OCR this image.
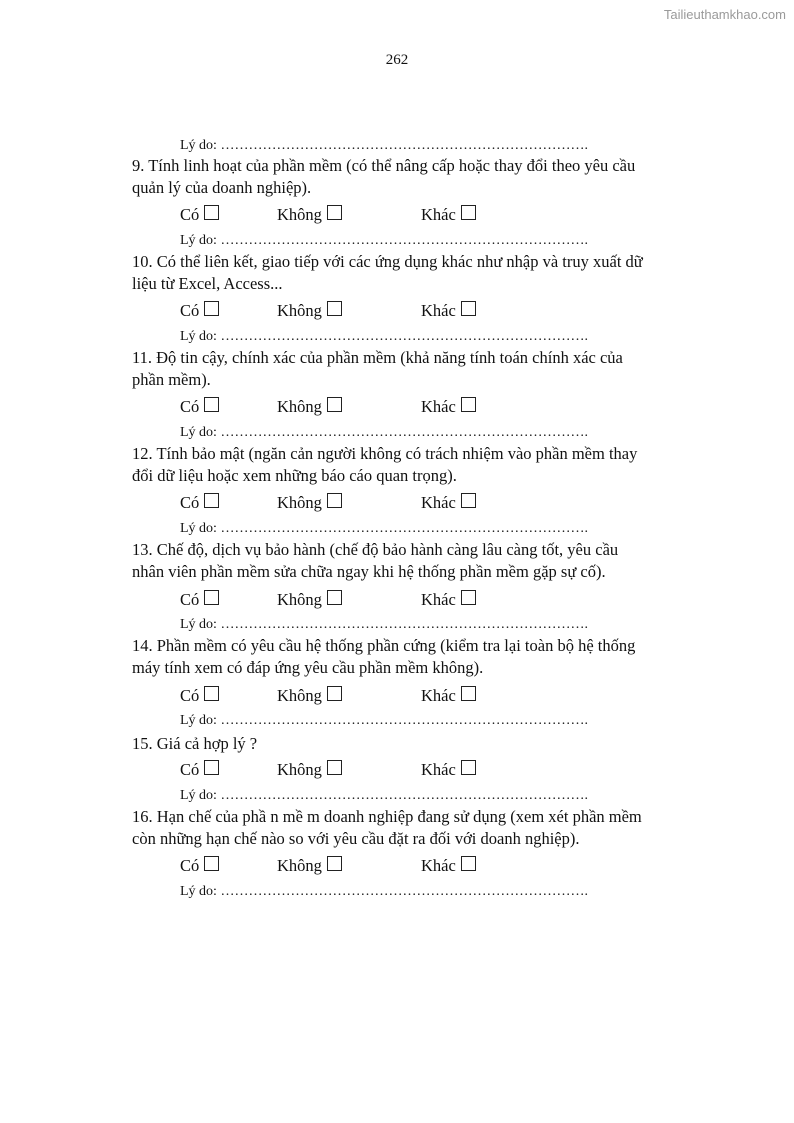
Tailieuthamkhao.com
262
Lý do: …………………………………………………………………….
9. Tính linh hoạt của phần mềm (có thể nâng cấp hoặc thay đổi theo yêu cầu
quản lý của doanh nghiệp).
Có	Không	Khác
Lý do: …………………………………………………………………….
10. Có thể liên kết, giao tiếp với các ứng dụng khác như nhập và truy xuất dữ
liệu từ Excel, Access...
Có	Không	Khác
Lý do: …………………………………………………………………….
11. Độ tin cậy, chính xác của phần mềm (khả năng tính toán chính xác của
phần mềm).
Có	Không	Khác
Lý do: …………………………………………………………………….
12. Tính bảo mật (ngăn cản người không có trách nhiệm vào phần mềm thay
đổi dữ liệu hoặc xem những báo cáo quan trọng).
Có	Không	Khác
Lý do: …………………………………………………………………….
13. Chế độ, dịch vụ bảo hành (chế độ bảo hành càng lâu càng tốt, yêu cầu
nhân viên phần mềm sửa chữa ngay khi hệ thống phần mềm gặp sự cố).
Có	Không	Khác
Lý do: …………………………………………………………………….
14. Phần mềm có yêu cầu hệ thống phần cứng (kiểm tra lại toàn bộ hệ thống
máy tính xem có đáp ứng yêu cầu phần mềm không).
Có	Không	Khác
Lý do: …………………………………………………………………….
15. Giá cả hợp lý ?
Có	Không	Khác
Lý do: …………………………………………………………………….
16. Hạn chế của phầ n mề m doanh nghiệp đang sử dụng (xem xét phần mềm
còn những hạn chế nào so với yêu cầu đặt ra đối với doanh nghiệp).
Có	Không	Khác
Lý do: …………………………………………………………………….
